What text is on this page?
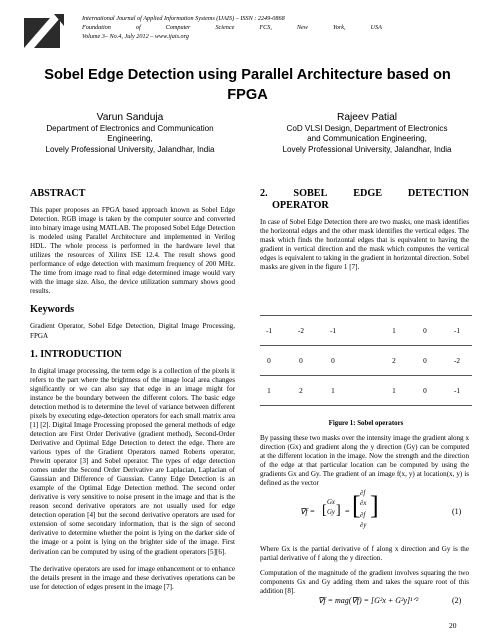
International Journal of Applied Information Systems (IJAIS) – ISSN : 2249-0868
Foundation	of	Computer	Science	FCS,	New	York,	USA
Volume 3– No.4, July 2012 – www.ijais.org
Sobel Edge Detection using Parallel Architecture based on
FPGA
Varun Sanduja
Department of Electronics and Communication
Engineering,
Lovely Professional University, Jalandhar, India
Rajeev Patial
CoD VLSI Design, Department of Electronics
and Communication Engineering,
Lovely Professional University, Jalandhar, India
ABSTRACT

This paper proposes an FPGA based approach known as Sobel Edge Detection. RGB image is taken by the computer source and converted into binary image using MATLAB. The proposed Sobel Edge Detection is modeled using Parallel Architecture and implemented in Verilog HDL. The whole process is performed in the hardware level that utilizes the resources of Xilinx ISE 12.4. The result shows good performance of edge detection with maximum frequency of 200 MHz. The time from image read to final edge determined image would vary with the image size. Also, the device utilization summary shows good results.

Keywords

Gradient Operator, Sobel Edge Detection, Digital Image Processing, FPGA

1. INTRODUCTION

In digital image processing, the term edge is a collection of the pixels it refers to the part where the brightness of the image local area changes significantly or we can also say that edge in an image might for instance be the boundary between the different colors. The basic edge detection method is to determine the level of variance between different pixels by executing edge-detection operators for each small matrix area [1] [2]. Digital Image Processing proposed the general methods of edge detection are First Order Derivative (gradient method), Second-Order Derivative and Optimal Edge Detection to detect the edge. There are various types of the Gradient Operators named Roberts operator, Prewitt operator [3] and Sobel operator. The types of edge detection comes under the Second Order Derivative are Laplacian, Laplacian of Gaussian and Difference of Gaussian. Canny Edge Detection is an example of the Optimal Edge Detection method. The second order derivative is very sensitive to noise present in the image and that is the reason second derivative operators are not usually used for edge detection operation [4] but the second derivative operators are used for extension of some secondary information, that is the sign of second derivative to determine whether the point is lying on the darker side of the image or a point is lying on the brighter side of the image. First derivation can be computed by using of the gradient operators [5][6].

The derivative operators are used for image enhancement or to enhance the details present in the image and these derivatives operations can be use for detection of edges present in the image [7].

2.	SOBEL	EDGE	DETECTION
OPERATOR

In case of Sobel Edge Detection there are two masks, one mask identifies the horizontal edges and the other mask identifies the vertical edges. The mask which finds the horizontal edges that is equivalent to having the gradient in vertical direction and the mask which computes the vertical edges is equivalent to taking in the gradient in horizontal direction. Sobel masks are given in the figure 1 [7].

-1	-2	-1	1	0	-1
0	0	0	2	0	-2
1	2	1	1	0	-1
Figure 1: Sobel operators
By passing these two masks over the intensity image the gradient along x direction (Gx) and gradient along the y direction (Gy) can be computed at the different location in the image. Now the strength and the direction of the edge at that particular location can be computed by using the gradients Gx and Gy. The gradient of an image f(x, y) at location(x, y) is defined as the vector
∇f = [
Gx
Gy ] = [ ∂f
∂x
∂f
∂y
]	(1)

Where Gx is the partial derivative of f along x direction and Gy is the partial derivative of f along the y direction.

Computation of the magnitude of the gradient involves squaring the two components Gx and Gy adding them and takes the square root of this addition [8].

∇f = mag(∇f) = [G²x + G²y]¹ᐟ²	(2)
20
